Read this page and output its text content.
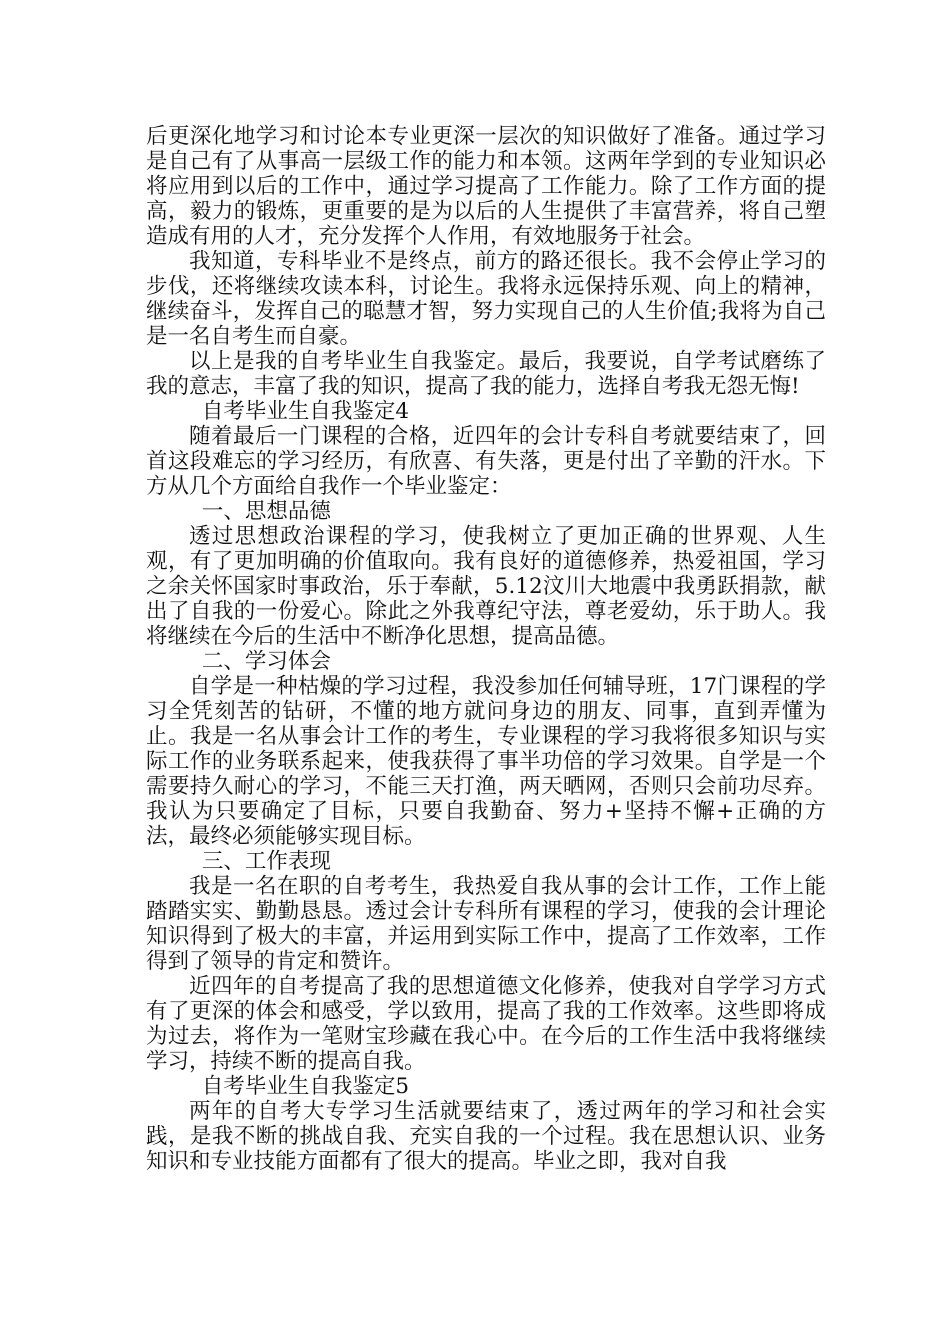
后更深化地学习和讨论本专业更深一层次的知识做好了准备。通过学习是自己有了从事高一层级工作的能力和本领。这两年学到的专业知识必将应用到以后的工作中，通过学习提高了工作能力。除了工作方面的提高，毅力的锻炼，更重要的是为以后的人生提供了丰富营养，将自己塑造成有用的人才，充分发挥个人作用，有效地服务于社会。

我知道，专科毕业不是终点，前方的路还很长。我不会停止学习的步伐，还将继续攻读本科，讨论生。我将永远保持乐观、向上的精神，继续奋斗，发挥自己的聪慧才智，努力实现自己的人生价值;我将为自己是一名自考生而自豪。

以上是我的自考毕业生自我鉴定。最后，我要说，自学考试磨练了我的意志，丰富了我的知识，提高了我的能力，选择自考我无怨无悔!

自考毕业生自我鉴定4

随着最后一门课程的合格，近四年的会计专科自考就要结束了，回首这段难忘的学习经历，有欣喜、有失落，更是付出了辛勤的汗水。下方从几个方面给自我作一个毕业鉴定：

一、思想品德

透过思想政治课程的学习，使我树立了更加正确的世界观、人生观，有了更加明确的价值取向。我有良好的道德修养，热爱祖国，学习之余关怀国家时事政治，乐于奉献，5.12汶川大地震中我勇跃捐款，献出了自我的一份爱心。除此之外我尊纪守法，尊老爱幼，乐于助人。我将继续在今后的生活中不断净化思想，提高品德。

二、学习体会

自学是一种枯燥的学习过程，我没参加任何辅导班，17门课程的学习全凭刻苦的钻研，不懂的地方就问身边的朋友、同事，直到弄懂为止。我是一名从事会计工作的考生，专业课程的学习我将很多知识与实际工作的业务联系起来，使我获得了事半功倍的学习效果。自学是一个需要持久耐心的学习，不能三天打渔，两天晒网，否则只会前功尽弃。我认为只要确定了目标，只要自我勤奋、努力+坚持不懈+正确的方法，最终必须能够实现目标。

三、工作表现

我是一名在职的自考考生，我热爱自我从事的会计工作，工作上能踏踏实实、勤勤恳恳。透过会计专科所有课程的学习，使我的会计理论知识得到了极大的丰富，并运用到实际工作中，提高了工作效率，工作得到了领导的肯定和赞许。

近四年的自考提高了我的思想道德文化修养，使我对自学学习方式有了更深的体会和感受，学以致用，提高了我的工作效率。这些即将成为过去，将作为一笔财宝珍藏在我心中。在今后的工作生活中我将继续学习，持续不断的提高自我。

自考毕业生自我鉴定5

两年的自考大专学习生活就要结束了，透过两年的学习和社会实践，是我不断的挑战自我、充实自我的一个过程。我在思想认识、业务知识和专业技能方面都有了很大的提高。毕业之即，我对自我
